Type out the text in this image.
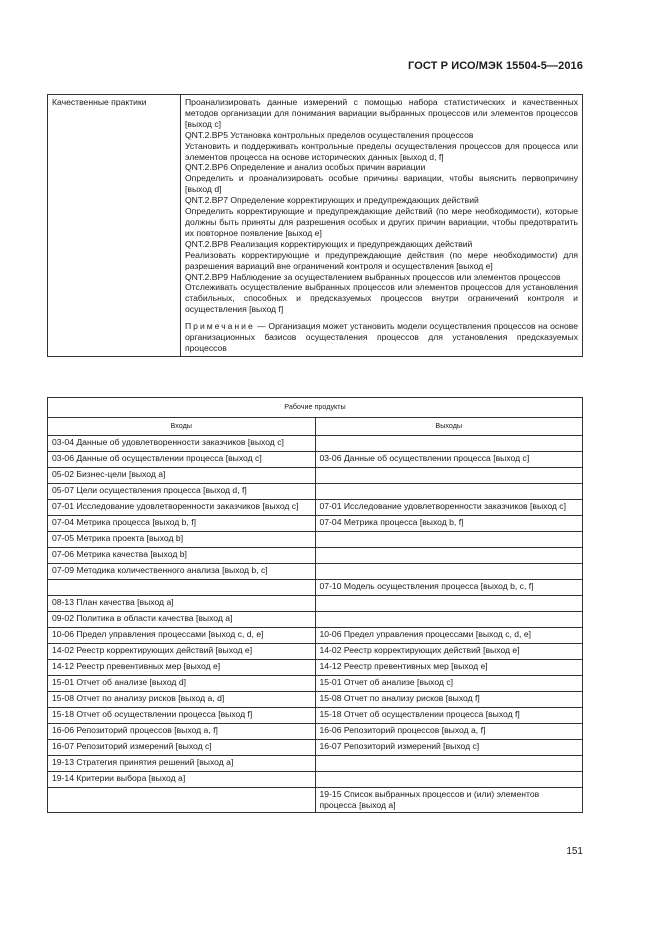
ГОСТ Р ИСО/МЭК 15504-5—2016
Качественные практики	Проанализировать данные измерений с помощью набора статистических и качественных методов организации для понимания вариации выбранных процессов или элементов процессов [выход с]
QNT.2.BP5 Установка контрольных пределов осуществления процессов
Установить и поддерживать контрольные пределы осуществления процессов для процесса или элементов процесса на основе исторических данных [выход d, f]
QNT.2.BP6 Определение и анализ особых причин вариации
Определить и проанализировать особые причины вариации, чтобы выяснить первопричину [выход d]
QNT.2.BP7 Определение корректирующих и предупреждающих действий
Определить корректирующие и предупреждающие действий (по мере необходимости), которые должны быть приняты для разрешения особых и других причин вариации, чтобы предотвратить их повторное появление [выход е]
QNT.2.BP8 Реализация корректирующих и предупреждающих действий
Реализовать корректирующие и предупреждающие действия (по мере необходимости) для разрешения вариаций вне ограничений контроля и осуществления [выход е]
QNT.2.BP9 Наблюдение за осуществлением выбранных процессов или элементов процессов
Отслеживать осуществление выбранных процессов или элементов процессов для установления стабильных, способных и предсказуемых процессов внутри ограничений контроля и осуществления [выход f]
Примечание — Организация может установить модели осуществления процессов на основе организационных базисов осуществления процессов для установления предсказуемых процессов
Рабочие продукты	
Входы	Выходы
03-04 Данные об удовлетворенности заказчиков [выход с]	
03-06 Данные об осуществлении процесса [выход с]	03-06 Данные об осуществлении процесса [выход с]
05-02 Бизнес-цели [выход а]	
05-07 Цели осуществления процесса [выход d, f]	
07-01 Исследование удовлетворенности заказчиков [выход с]	07-01 Исследование удовлетворенности заказчиков [выход с]
07-04 Метрика процесса [выход b, f]	07-04 Метрика процесса [выход b, f]
07-05 Метрика проекта [выход b]	
07-06 Метрика качества [выход b]	
07-09 Методика количественного анализа [выход b, с]	
	07-10 Модель осуществления процесса [выход b, c, f]
08-13 План качества [выход а]	
09-02 Политика в области качества [выход а]	
10-06 Предел управления процессами [выход с, d, е]	10-06 Предел управления процессами [выход с, d, е]
14-02 Реестр корректирующих действий [выход е]	14-02 Реестр корректирующих действий [выход е]
14-12 Реестр превентивных мер [выход е]	14-12 Реестр превентивных мер [выход е]
15-01 Отчет об анализе [выход d]	15-01 Отчет об анализе [выход с]
15-08 Отчет по анализу рисков [выход а, d]	15-08 Отчет по анализу рисков [выход f]
15-18 Отчет об осуществлении процесса [выход f]	15-18 Отчет об осуществлении процесса [выход f]
16-06 Репозиторий процессов [выход а, f]	16-06 Репозиторий процессов [выход а, f]
16-07 Репозиторий измерений [выход с]	16-07 Репозиторий измерений [выход с]
19-13 Стратегия принятия решений [выход а]	
19-14 Критерии выбора [выход а]	
	19-15 Список выбранных процессов и (или) элементов процесса [выход а]
151
